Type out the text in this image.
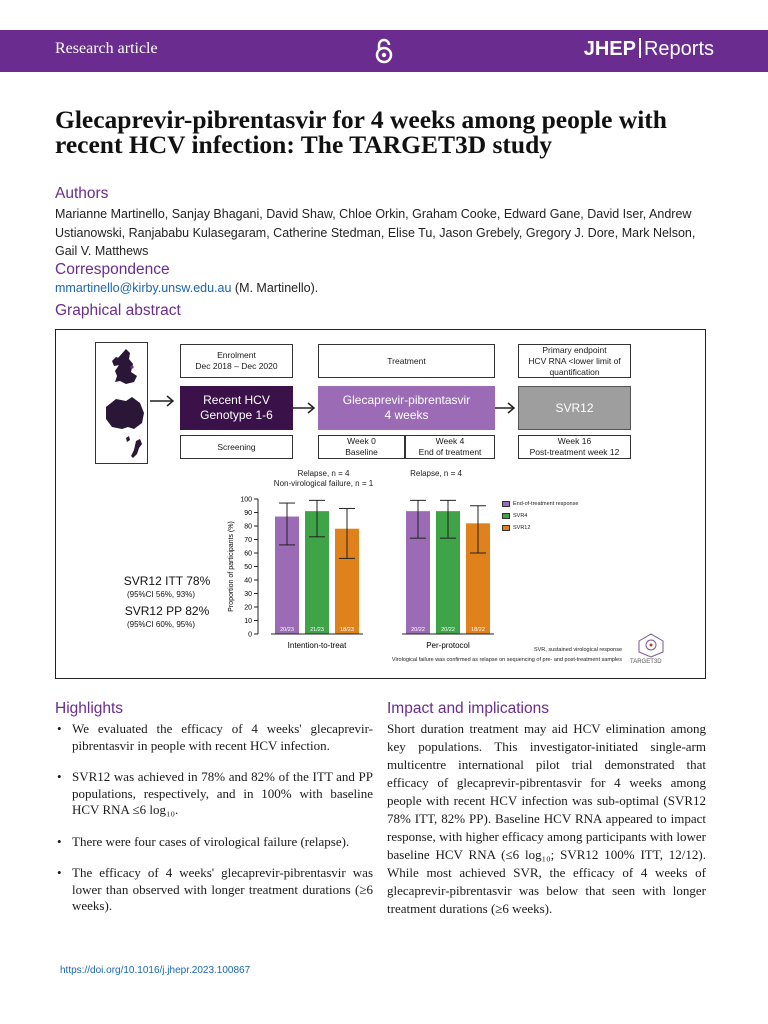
Research article	JHEP Reports
Glecaprevir-pibrentasvir for 4 weeks among people with recent HCV infection: The TARGET3D study
Authors
Marianne Martinello, Sanjay Bhagani, David Shaw, Chloe Orkin, Graham Cooke, Edward Gane, David Iser, Andrew Ustianowski, Ranjababu Kulasegaram, Catherine Stedman, Elise Tu, Jason Grebely, Gregory J. Dore, Mark Nelson, Gail V. Matthews
Correspondence
mmartinello@kirby.unsw.edu.au (M. Martinello).
Graphical abstract
Enrolment
Dec 2018 – Dec 2020
Treatment
Primary endpoint
HCV RNA <lower limit of
quantification
Recent HCV
Genotype 1-6
Glecaprevir-pibrentasvir
4 weeks
SVR12
Screening
Week 0
Baseline
Week 4
End of treatment
Week 16
Post-treatment week 12
Relapse, n = 4
Non-virological failure, n = 1
Relapse, n = 4
SVR12 ITT 78%
(95%CI 56%, 93%)
SVR12 PP 82%
(95%CI 60%, 95%)
0
10
20
30
40
50
60
70
80
90
100
Proportion of participants (%)
20/23	21/23	18/23	20/22	20/22	18/22
Intention-to-treat	Per-protocol
End-of-treatment response
SVR4
SVR12
SVR, sustained virological response
Virological failure was confirmed as relapse on sequencing of pre- and post-treatment samples TARGET3D
Highlights
• We evaluated the efficacy of 4 weeks' glecaprevir-pibrentasvir in people with recent HCV infection.
• SVR12 was achieved in 78% and 82% of the ITT and PP populations, respectively, and in 100% with baseline HCV RNA ≤6 log₁₀.
• There were four cases of virological failure (relapse).
• The efficacy of 4 weeks' glecaprevir-pibrentasvir was lower than observed with longer treatment durations (≥6 weeks).
Impact and implications

Short duration treatment may aid HCV elimination among key populations. This investigator-initiated single-arm multicentre international pilot trial demonstrated that efficacy of glecaprevir-pibrentasvir for 4 weeks among people with recent HCV infection was sub-optimal (SVR12 78% ITT, 82% PP). Baseline HCV RNA appeared to impact response, with higher efficacy among participants with lower baseline HCV RNA (≤6 log₁₀; SVR12 100% ITT, 12/12). While most achieved SVR, the efficacy of 4 weeks of glecaprevir-pibrentasvir was below that seen with longer treatment durations (≥6 weeks).

https://doi.org/10.1016/j.jhepr.2023.100867
